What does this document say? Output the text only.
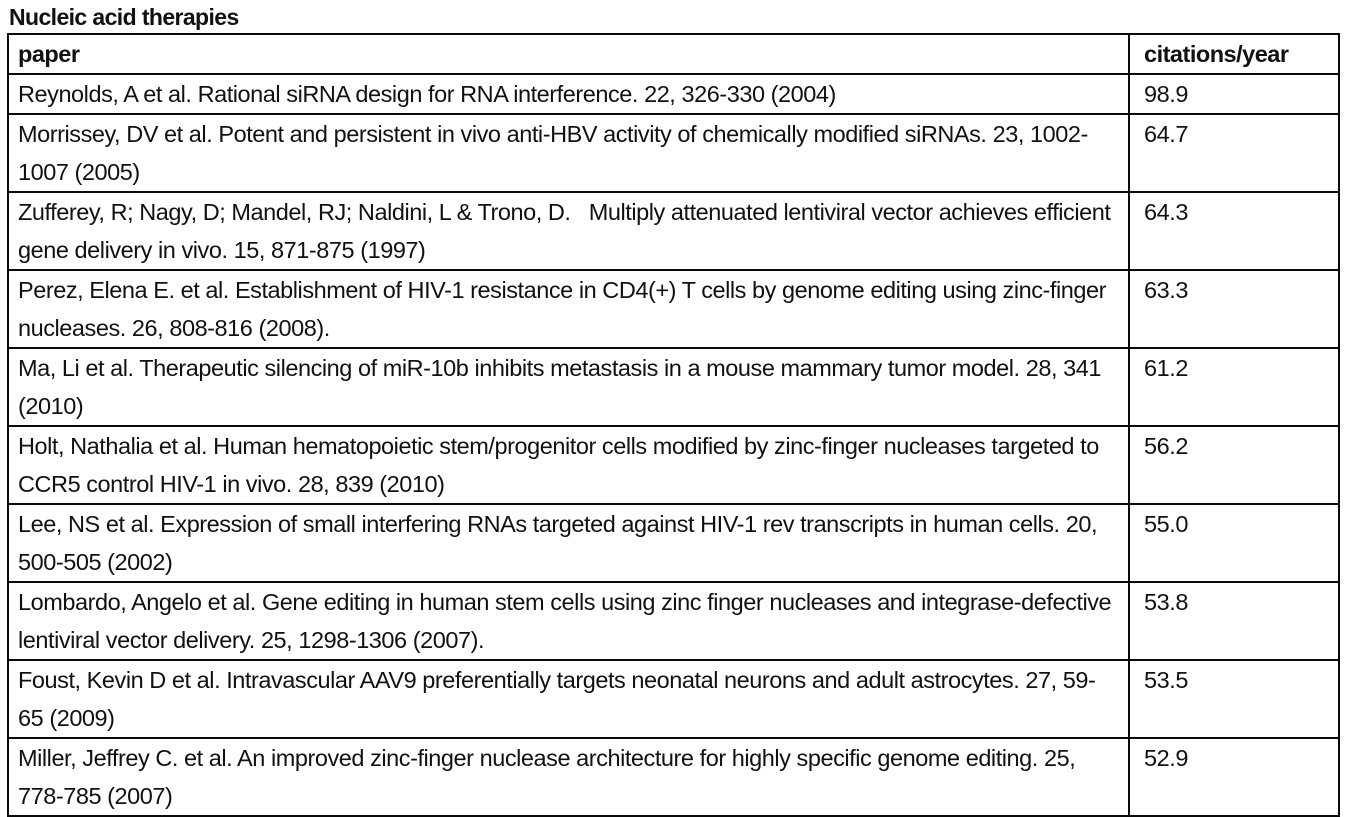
Nucleic acid therapies
paper	citations/year
Reynolds, A et al. Rational siRNA design for RNA interference. 22, 326-330 (2004)	98.9
Morrissey, DV et al. Potent and persistent in vivo anti-HBV activity of chemically modified siRNAs. 23, 1002-1007 (2005)	64.7
Zufferey, R; Nagy, D; Mandel, RJ; Naldini, L & Trono, D.   Multiply attenuated lentiviral vector achieves efficient gene delivery in vivo. 15, 871-875 (1997)	64.3
Perez, Elena E. et al. Establishment of HIV-1 resistance in CD4(+) T cells by genome editing using zinc-finger nucleases. 26, 808-816 (2008).	63.3
Ma, Li et al. Therapeutic silencing of miR-10b inhibits metastasis in a mouse mammary tumor model. 28, 341 (2010)	61.2
Holt, Nathalia et al. Human hematopoietic stem/progenitor cells modified by zinc-finger nucleases targeted to CCR5 control HIV-1 in vivo. 28, 839 (2010)	56.2
Lee, NS et al. Expression of small interfering RNAs targeted against HIV-1 rev transcripts in human cells. 20, 500-505 (2002)	55.0
Lombardo, Angelo et al. Gene editing in human stem cells using zinc finger nucleases and integrase-defective lentiviral vector delivery. 25, 1298-1306 (2007).	53.8
Foust, Kevin D et al. Intravascular AAV9 preferentially targets neonatal neurons and adult astrocytes. 27, 59-65 (2009)	53.5
Miller, Jeffrey C. et al. An improved zinc-finger nuclease architecture for highly specific genome editing. 25, 778-785 (2007)	52.9
